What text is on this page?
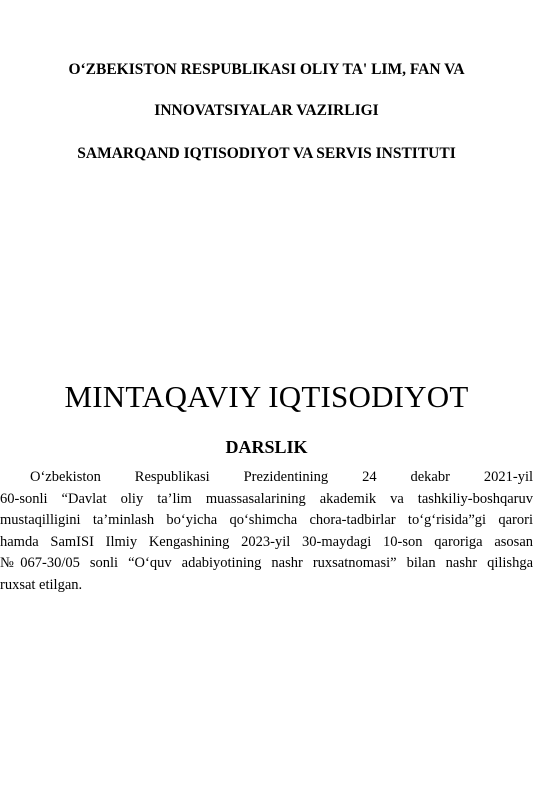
O‘ZBEKISTON RESPUBLIKASI OLIY TA' LIM, FAN VA
INNOVATSIYALAR VAZIRLIGI
SAMARQAND IQTISODIYOT VA SERVIS INSTITUTI
MINTAQAVIY IQTISODIYOT
DARSLIK
O‘zbekiston Respublikasi Prezidentining 24 dekabr 2021-yil
60-sonli “Davlat oliy ta’lim muassasalarining akademik va tashkiliy-boshqaruv
mustaqilligini ta’minlash bo‘yicha qo‘shimcha chora-tadbirlar to‘g‘risida”gi qarori
hamda SamISI Ilmiy Kengashining 2023-yil 30-maydagi 10-son qaroriga asosan
№067-30/05 sonli “O‘quv adabiyotining nashr ruxsatnomasi” bilan nashr qilishga
ruxsat etilgan.
